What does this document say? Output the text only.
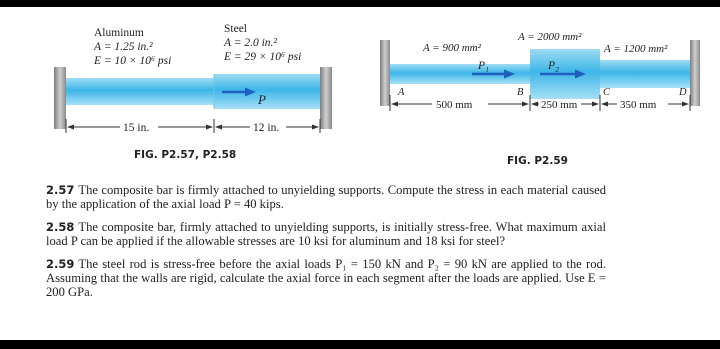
P
Aluminum
A = 1.25 in.²
E = 10 × 10⁶ psi
Steel
A = 2.0 in.²
E = 29 × 10⁶ psi
15 in.	12 in.
FIG. P2.57, P2.58
P₁	P₂
A = 900 mm²
A = 2000 mm²
A = 1200 mm²
A	B	C	D
500 mm	250 mm	350 mm
FIG. P2.59

2.57 The composite bar is firmly attached to unyielding supports. Compute the stress in each material caused by the application of the axial load P = 40 kips.

2.58 The composite bar, firmly attached to unyielding supports, is initially stress-free. What maximum axial load P can be applied if the allowable stresses are 10 ksi for aluminum and 18 ksi for steel?

2.59 The steel rod is stress-free before the axial loads P₁ = 150 kN and P₂ = 90 kN are applied to the rod. Assuming that the walls are rigid, calculate the axial force in each segment after the loads are applied. Use E = 200 GPa.
